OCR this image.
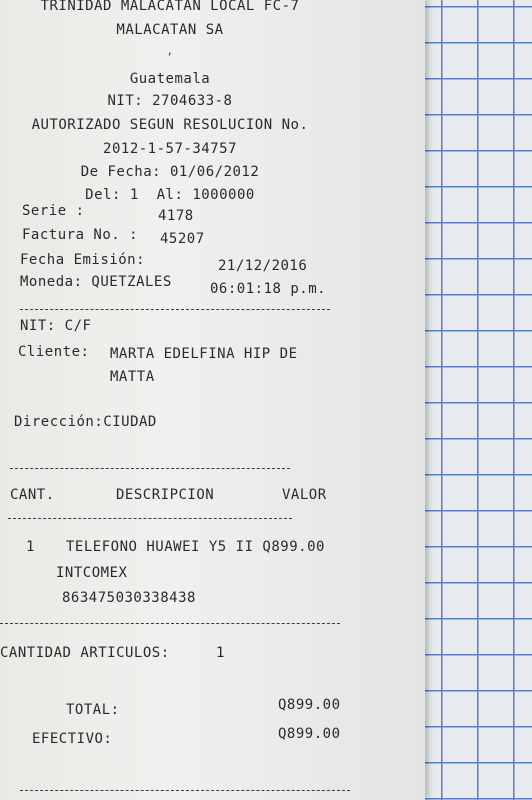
TRINIDAD MALACATAN LOCAL FC-7
MALACATAN SA
,
Guatemala
NIT: 2704633-8
AUTORIZADO SEGUN RESOLUCION No.
2012-1-57-34757
De Fecha: 01/06/2012
Del: 1  Al: 1000000
Serie :	4178
Factura No. : 45207
Fecha Emisión:	21/12/2016
Moneda: QUETZALES	06:01:18 p.m.
NIT: C/F
Cliente: MARTA EDELFINA HIP DE
MATTA
Dirección:CIUDAD
CANT.	DESCRIPCION	VALOR
1 TELEFONO HUAWEI Y5 II Q899.00
INTCOMEX
863475030338438
CANTIDAD ARTICULOS:	1
TOTAL:	Q899.00
EFECTIVO:	Q899.00
